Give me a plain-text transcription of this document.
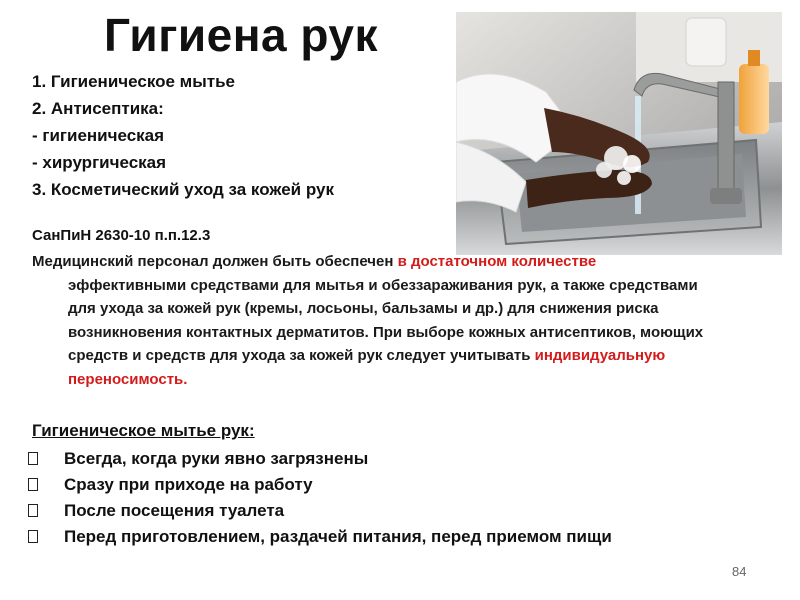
Гигиена рук
1. Гигиеническое мытье
2. Антисептика:
- гигиеническая
- хирургическая
3. Косметический уход за кожей рук
СанПиН 2630-10 п.п.12.3
Медицинский персонал должен быть обеспечен в достаточном количестве эффективными средствами для мытья и обеззараживания рук, а также средствами для ухода за кожей рук (кремы, лосьоны, бальзамы и др.) для снижения риска возникновения контактных дерматитов. При выборе кожных антисептиков, моющих средств и средств для ухода за кожей рук следует учитывать индивидуальную переносимость.
Гигиеническое мытье рук:
Всегда, когда руки явно загрязнены
Сразу при приходе на работу
После посещения туалета
Перед приготовлением, раздачей питания, перед приемом пищи
84
